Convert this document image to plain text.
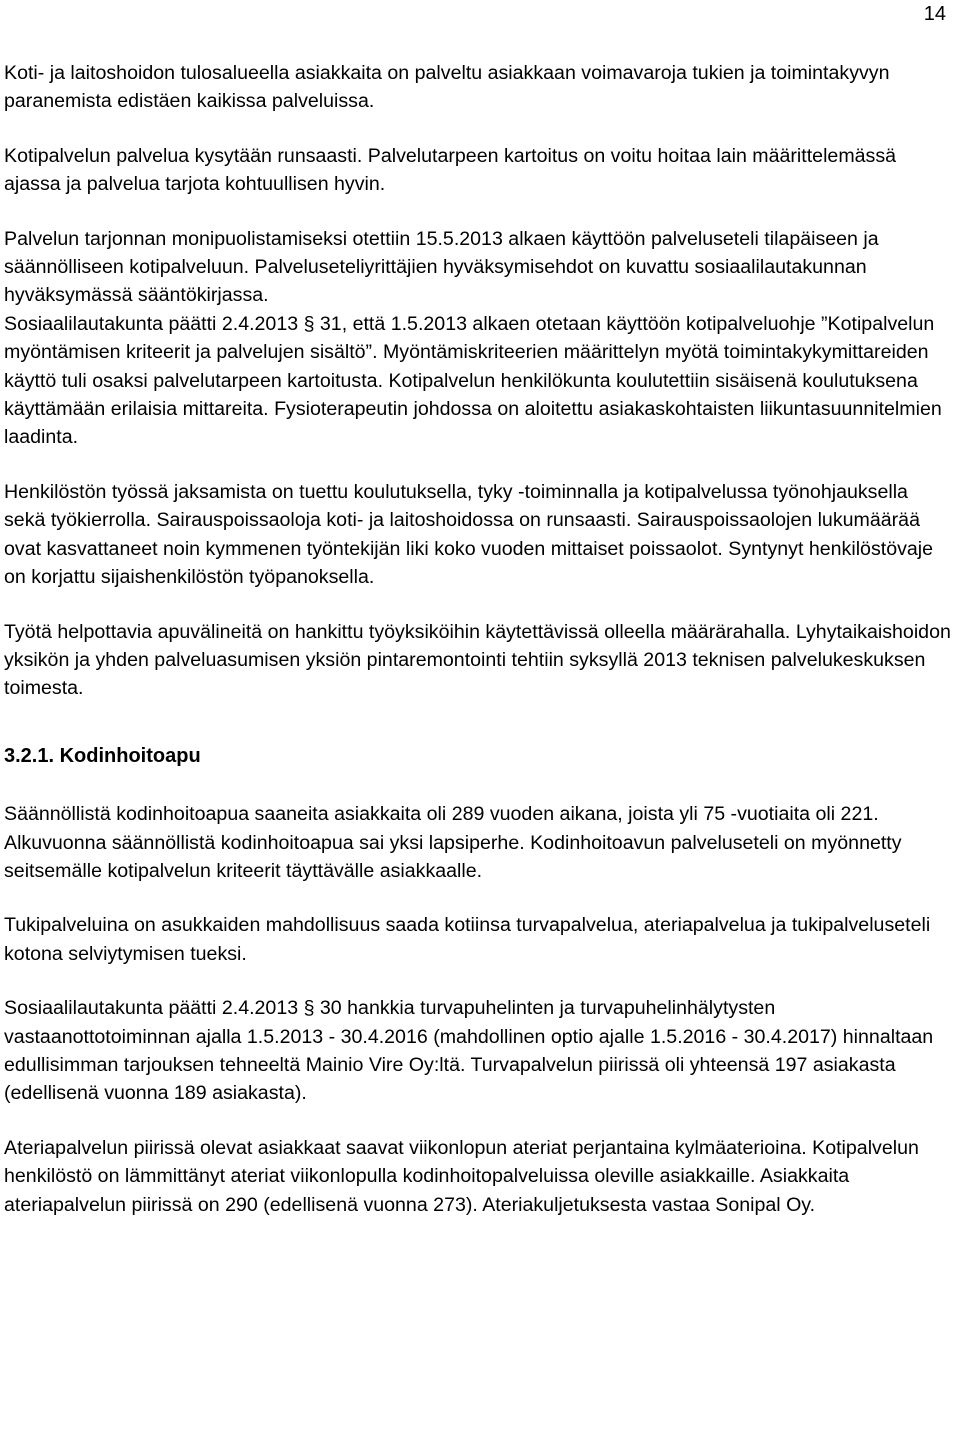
14

Koti- ja laitoshoidon tulosalueella asiakkaita on palveltu asiakkaan voimavaroja tukien ja toimintakyvyn paranemista edistäen kaikissa palveluissa.

Kotipalvelun palvelua kysytään runsaasti. Palvelutarpeen kartoitus on voitu hoitaa lain määrittelemässä ajassa ja palvelua tarjota kohtuullisen hyvin.

Palvelun tarjonnan monipuolistamiseksi otettiin 15.5.2013 alkaen käyttöön palveluseteli tilapäiseen ja säännölliseen kotipalveluun. Palveluseteliyrittäjien hyväksymisehdot on kuvattu sosiaalilautakunnan hyväksymässä sääntökirjassa.

Sosiaalilautakunta päätti 2.4.2013 § 31, että 1.5.2013 alkaen otetaan käyttöön kotipalveluohje ”Kotipalvelun myöntämisen kriteerit ja palvelujen sisältö”. Myöntämiskriteerien määrittelyn myötä toimintakykymittareiden käyttö tuli osaksi palvelutarpeen kartoitusta. Kotipalvelun henkilökunta koulutettiin sisäisenä koulutuksena käyttämään erilaisia mittareita. Fysioterapeutin johdossa on aloitettu asiakaskohtaisten liikuntasuunnitelmien laadinta.

Henkilöstön työssä jaksamista on tuettu koulutuksella, tyky -toiminnalla ja kotipalvelussa työnohjauksella sekä työkierrolla. Sairauspoissaoloja koti- ja laitoshoidossa on runsaasti. Sairauspoissaolojen lukumäärää ovat kasvattaneet noin kymmenen työntekijän liki koko vuoden mittaiset poissaolot. Syntynyt henkilöstövaje on korjattu sijaishenkilöstön työpanoksella.

Työtä helpottavia apuvälineitä on hankittu työyksiköihin käytettävissä olleella määrärahalla. Lyhytaikaishoidon yksikön ja yhden palveluasumisen yksiön pintaremontointi tehtiin syksyllä 2013 teknisen palvelukeskuksen toimesta.

3.2.1. Kodinhoitoapu

Säännöllistä kodinhoitoapua saaneita asiakkaita oli 289 vuoden aikana, joista yli 75 -vuotiaita oli 221. Alkuvuonna säännöllistä kodinhoitoapua sai yksi lapsiperhe. Kodinhoitoavun palveluseteli on myönnetty seitsemälle kotipalvelun kriteerit täyttävälle asiakkaalle.

Tukipalveluina on asukkaiden mahdollisuus saada kotiinsa turvapalvelua, ateriapalvelua ja tukipalveluseteli kotona selviytymisen tueksi.

Sosiaalilautakunta päätti 2.4.2013 § 30 hankkia turvapuhelinten ja turvapuhelinhälytysten vastaanottotoiminnan ajalla 1.5.2013 - 30.4.2016 (mahdollinen optio ajalle 1.5.2016 - 30.4.2017) hinnaltaan edullisimman tarjouksen tehneeltä Mainio Vire Oy:ltä. Turvapalvelun piirissä oli yhteensä 197 asiakasta (edellisenä vuonna 189 asiakasta).

Ateriapalvelun piirissä olevat asiakkaat saavat viikonlopun ateriat perjantaina kylmäaterioina. Kotipalvelun henkilöstö on lämmittänyt ateriat viikonlopulla kodinhoitopalveluissa oleville asiakkaille. Asiakkaita ateriapalvelun piirissä on 290 (edellisenä vuonna 273). Ateriakuljetuksesta vastaa Sonipal Oy.
